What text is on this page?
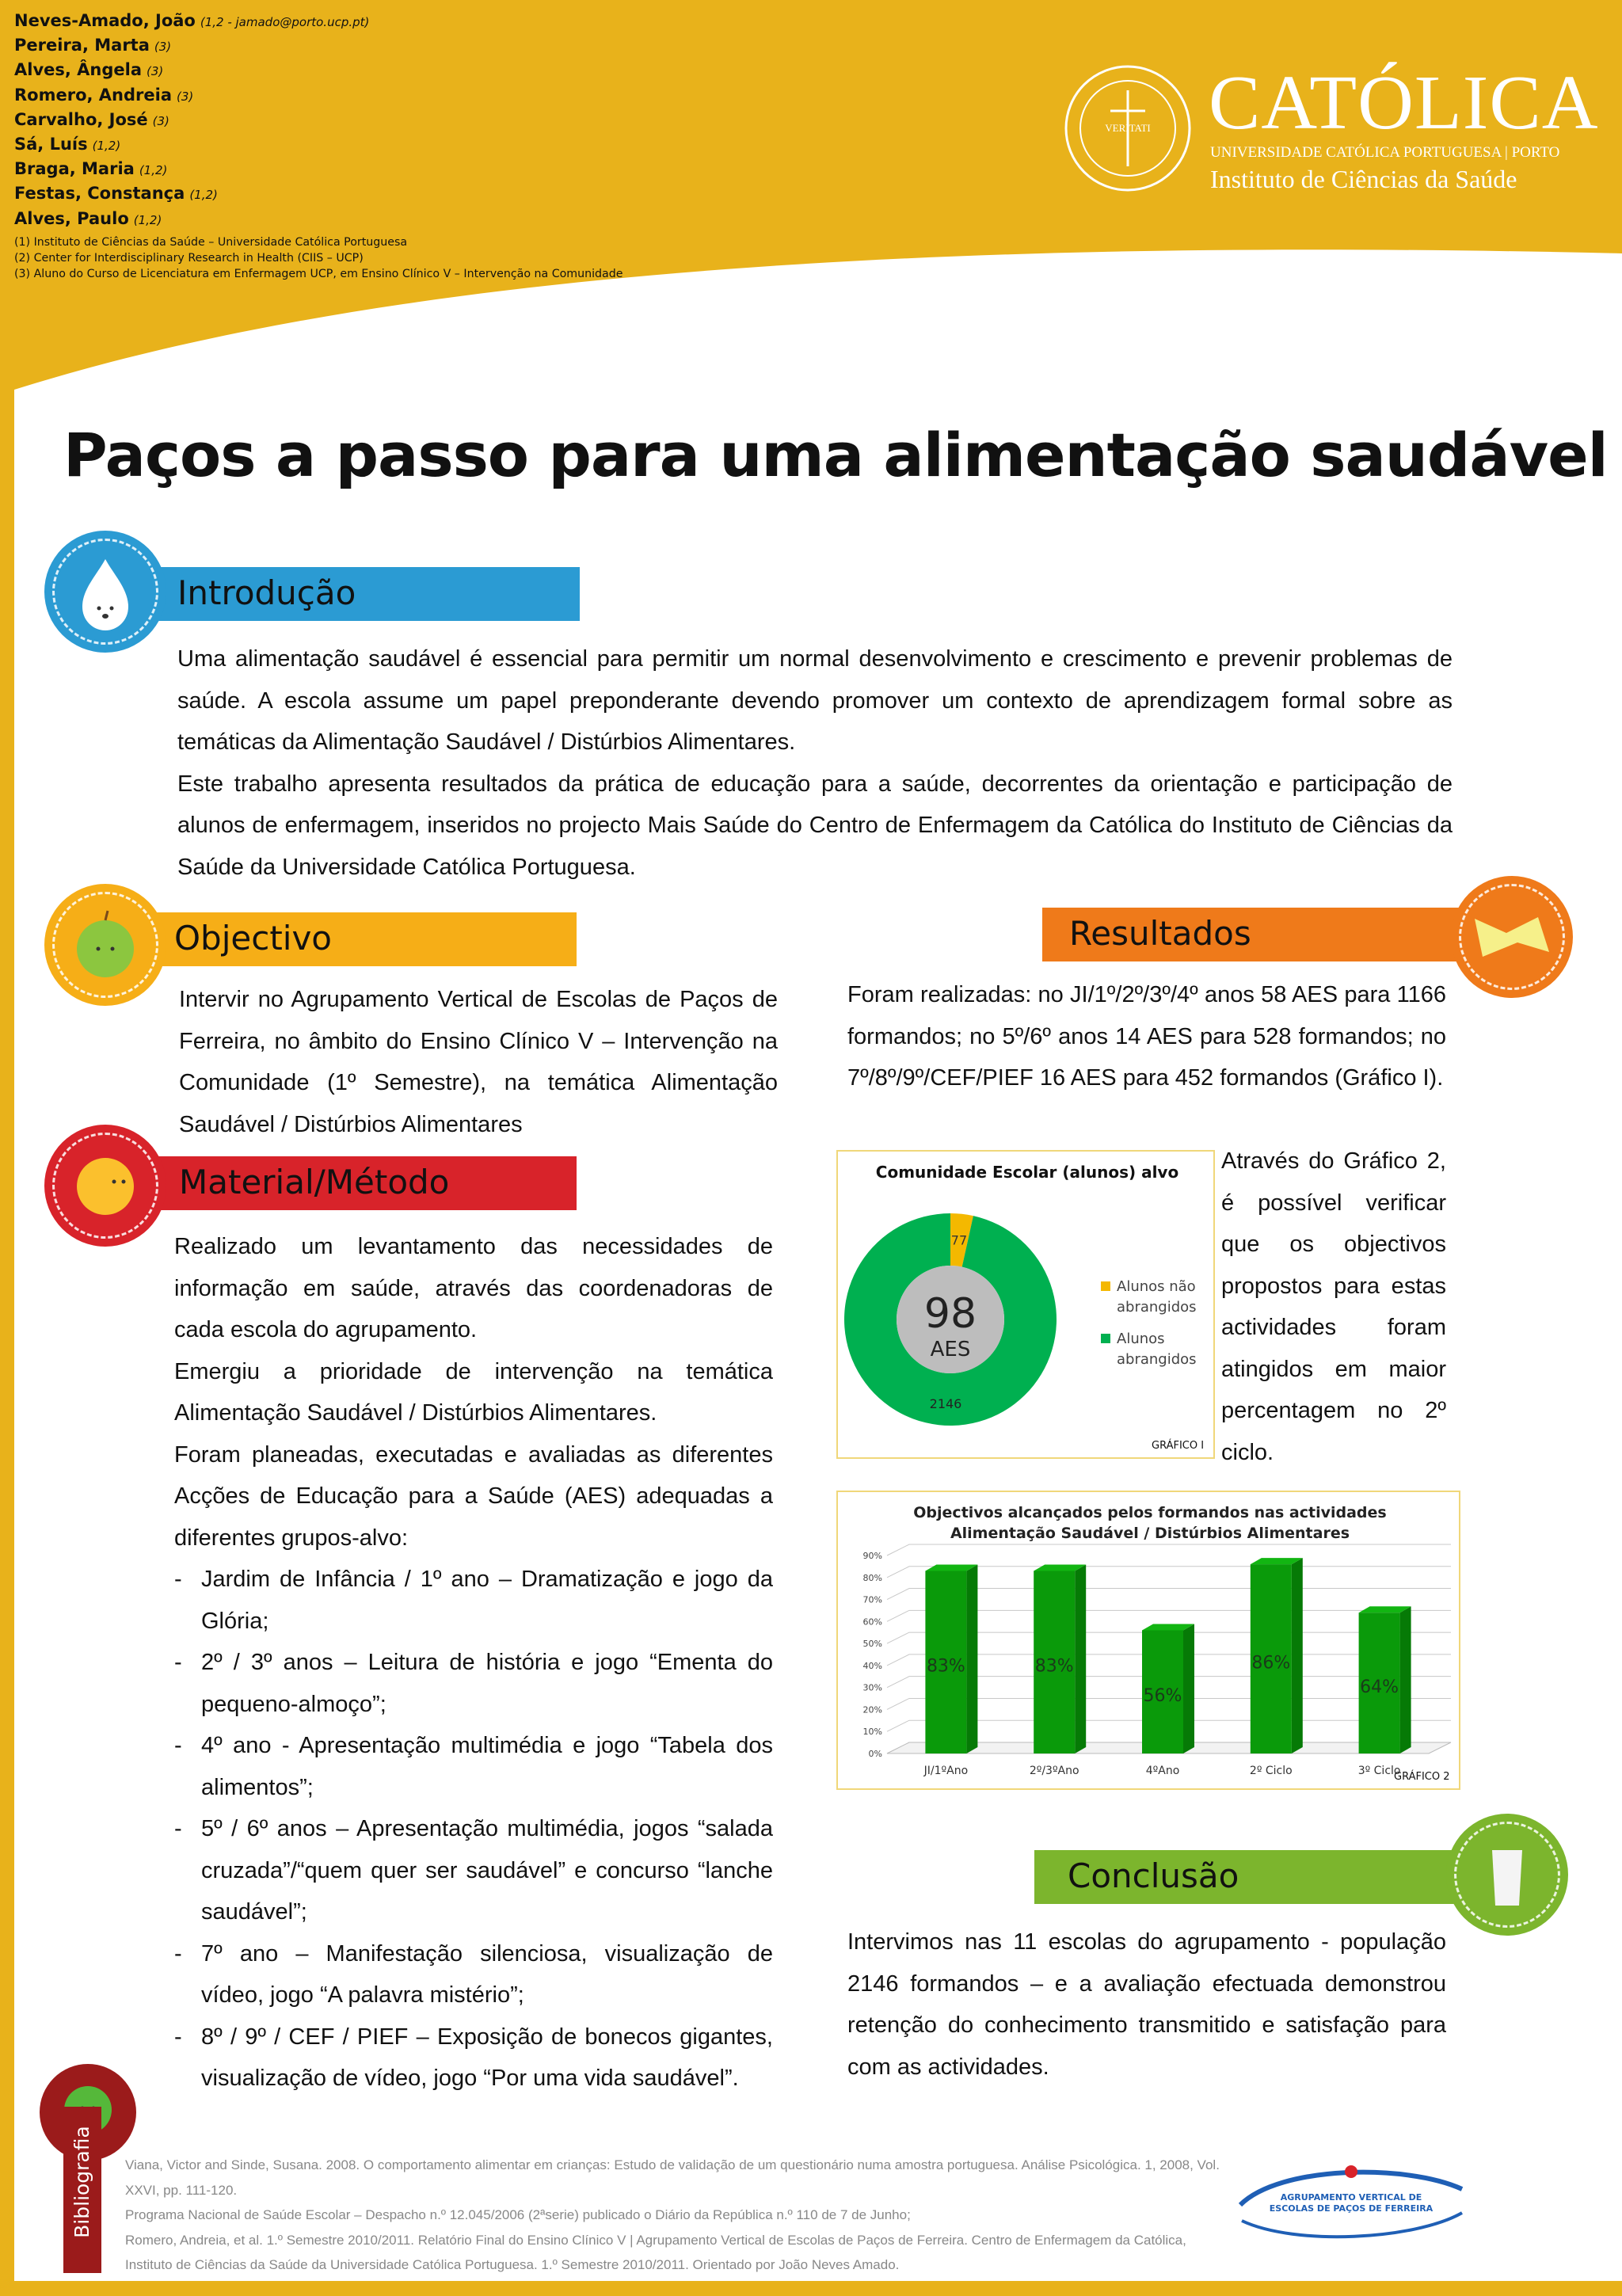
Neves-Amado, João (1,2 - jamado@porto.ucp.pt)
Pereira, Marta (3)
Alves, Ângela (3)
Romero, Andreia (3)
Carvalho, José (3)
Sá, Luís (1,2)
Braga, Maria (1,2)
Festas, Constança (1,2)
Alves, Paulo (1,2)
(1) Instituto de Ciências da Saúde – Universidade Católica Portuguesa
(2) Center for Interdisciplinary Research in Health (CIIS – UCP)
(3) Aluno do Curso de Licenciatura em Enfermagem UCP, em Ensino Clínico V – Intervenção na Comunidade
VERITATI CATÓLICA
UNIVERSIDADE CATÓLICA PORTUGUESA | PORTO
Instituto de Ciências da Saúde
Paços a passo para uma alimentação saudável
Introdução

Uma alimentação saudável é essencial para permitir um normal desenvolvimento e crescimento e prevenir problemas de saúde. A escola assume um papel preponderante devendo promover um contexto de aprendizagem formal sobre as temáticas da Alimentação Saudável / Distúrbios Alimentares.

Este trabalho apresenta resultados da prática de educação para a saúde, decorrentes da orientação e participação de alunos de enfermagem, inseridos no projecto Mais Saúde do Centro de Enfermagem da Católica do Instituto de Ciências da Saúde da Universidade Católica Portuguesa.

Objectivo

Intervir no Agrupamento Vertical de Escolas de Paços de Ferreira, no âmbito do Ensino Clínico V – Intervenção na Comunidade (1º Semestre), na temática Alimentação Saudável / Distúrbios Alimentares

Material/Método

Realizado um levantamento das necessidades de informação em saúde, através das coordenadoras de cada escola do agrupamento.

Emergiu a prioridade de intervenção na temática Alimentação Saudável / Distúrbios Alimentares.

Foram planeadas, executadas e avaliadas as diferentes Acções de Educação para a Saúde (AES) adequadas a diferentes grupos-alvo:

- Jardim de Infância / 1º ano – Dramatização e jogo da Glória;
- 2º / 3º anos – Leitura de história e jogo “Ementa do pequeno-almoço”;
- 4º ano - Apresentação multimédia e jogo “Tabela dos alimentos”;
- 5º / 6º anos – Apresentação multimédia, jogos “salada cruzada”/“quem quer ser saudável” e concurso “lanche saudável”;
- 7º ano – Manifestação silenciosa, visualização de vídeo, jogo “A palavra mistério”;
- 8º / 9º / CEF / PIEF – Exposição de bonecos gigantes, visualização de vídeo, jogo “Por uma vida saudável”.
Resultados

Foram realizadas: no JI/1º/2º/3º/4º anos 58 AES para 1166 formandos; no 5º/6º anos 14 AES para 528 formandos; no 7º/8º/9º/CEF/PIEF 16 AES para 452 formandos (Gráfico I).

Através do Gráfico 2, é possível verificar que os objectivos propostos para estas actividades foram atingidos em maior percentagem no 2º ciclo.

Comunidade Escolar (alunos) alvo
77
2146
98
AES
Alunos não
abrangidos
Alunos
abrangidos
GRÁFICO I
Objectivos alcançados pelos formandos nas actividades
Alimentação Saudável / Distúrbios Alimentares
0%
10%
20%
30%
40%
50%
60%
70%
80%
90%
83%
JI/1ºAno
83%
2º/3ºAno
56%
4ºAno
86%
2º Ciclo
64%
3º Ciclo
GRÁFICO 2
Conclusão

Intervimos nas 11 escolas do agrupamento - população 2146 formandos – e a avaliação efectuada demonstrou retenção do conhecimento transmitido e satisfação para com as actividades.

Bibliografia	Viana, Victor and Sinde, Susana. 2008. O comportamento alimentar em crianças: Estudo de validação de um questionário numa amostra portuguesa. Análise Psicológica. 1, 2008, Vol.
XXVI, pp. 111-120.
Programa Nacional de Saúde Escolar – Despacho n.º 12.045/2006 (2ªserie) publicado o Diário da República n.º 110 de 7 de Junho;
Romero, Andreia, et al. 1.º Semestre 2010/2011. Relatório Final do Ensino Clínico V | Agrupamento Vertical de Escolas de Paços de Ferreira. Centro de Enfermagem da Católica,
Instituto de Ciências da Saúde da Universidade Católica Portuguesa. 1.º Semestre 2010/2011. Orientado por João Neves Amado.
AGRUPAMENTO VERTICAL DE
ESCOLAS DE PAÇOS DE FERREIRA
